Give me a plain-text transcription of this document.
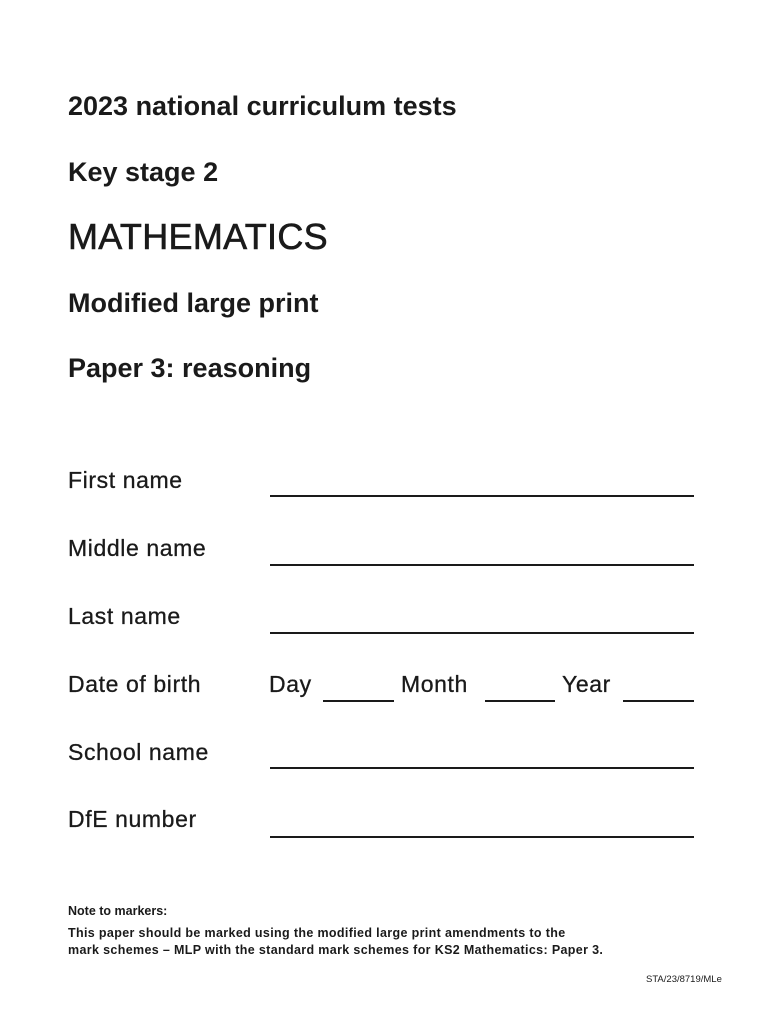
2023 national curriculum tests
Key stage 2
MATHEMATICS
Modified large print
Paper 3: reasoning
First name
Middle name
Last name
Date of birth	Day	Month	Year
School name
DfE number
Note to markers:
This paper should be marked using the modified large print amendments to the
mark schemes – MLP with the standard mark schemes for KS2 Mathematics: Paper 3.
STA/23/8719/MLe
